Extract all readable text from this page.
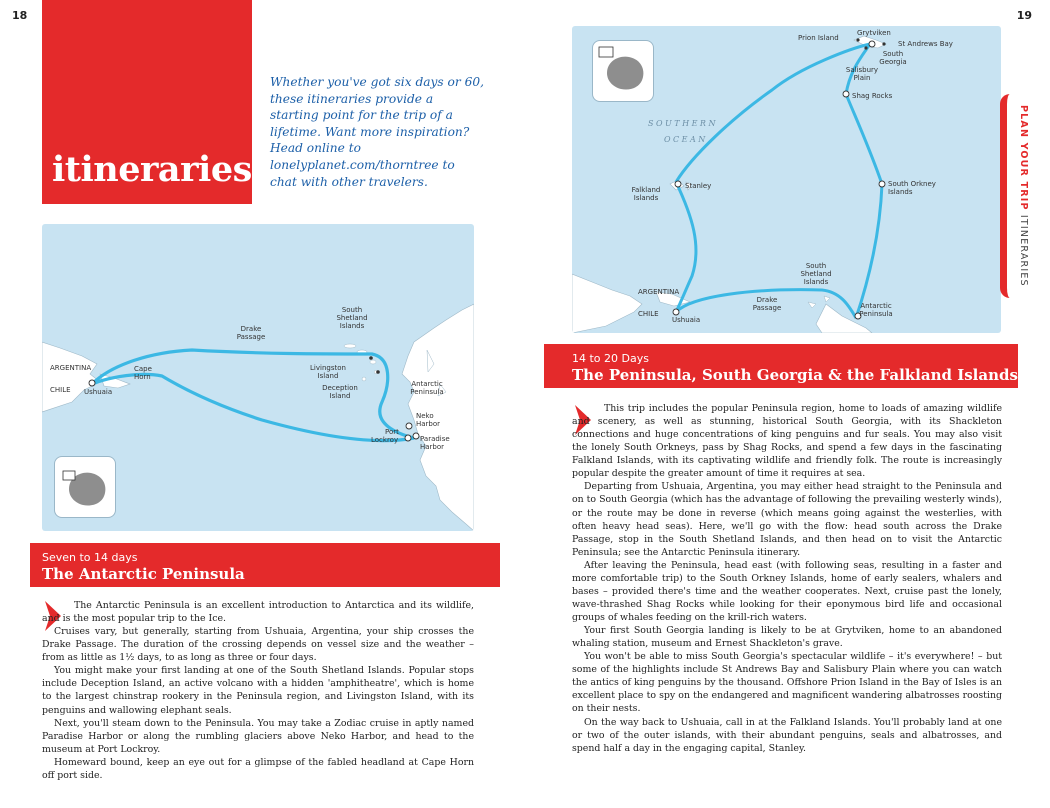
18	19
itineraries
Whether you've got six days or 60, these itineraries provide a starting point for the trip of a lifetime. Want more inspiration? Head online to lonelyplanet.com/thorntree to chat with other travelers.
ARGENTINA
CHILE Ushuaia
Cape
Horn
Drake
Passage
South
Shetland
Islands
Livingston
Island
Deception
Island
Antarctic
Peninsula
Neko
Harbor
Port
Lockroy	Paradise
Harbor
Prion Island
Grytviken
St Andrews Bay
South
Georgia
Salisbury
Plain
Shag Rocks
SOUTHERN
OCEAN
Falkland
Islands
Stanley	South Orkney
Islands
South
Shetland
Islands
ARGENTINA
CHILE
Ushuaia
Drake
Passage	Antarctic
Peninsula
PLAN YOUR TRIP ITINERARIES
Seven to 14 days
The Antarctic Peninsula

The Antarctic Peninsula is an excellent introduction to Antarctica and its wildlife, and is the most popular trip to the Ice.

Cruises vary, but generally, starting from Ushuaia, Argentina, your ship crosses the Drake Passage. The duration of the crossing depends on vessel size and the weather – from as little as 1½ days, to as long as three or four days.

You might make your first landing at one of the South Shetland Islands. Popular stops include Deception Island, an active volcano with a hidden 'amphitheatre', which is home to the largest chinstrap rookery in the Peninsula region, and Livingston Island, with its penguins and wallowing elephant seals.

Next, you'll steam down to the Peninsula. You may take a Zodiac cruise in aptly named Paradise Harbor or along the rumbling glaciers above Neko Harbor, and head to the museum at Port Lockroy.

Homeward bound, keep an eye out for a glimpse of the fabled headland at Cape Horn off port side.

14 to 20 Days
The Peninsula, South Georgia & the Falkland Islands

This trip includes the popular Peninsula region, home to loads of amazing wildlife and scenery, as well as stunning, historical South Georgia, with its Shackleton connections and huge concentrations of king penguins and fur seals. You may also visit the lonely South Orkneys, pass by Shag Rocks, and spend a few days in the fascinating Falkland Islands, with its captivating wildlife and friendly folk. The route is increasingly popular despite the greater amount of time it requires at sea.

Departing from Ushuaia, Argentina, you may either head straight to the Peninsula and on to South Georgia (which has the advantage of following the prevailing westerly winds), or the route may be done in reverse (which means going against the westerlies, with often heavy head seas). Here, we'll go with the flow: head south across the Drake Passage, stop in the South Shetland Islands, and then head on to visit the Antarctic Peninsula; see the Antarctic Peninsula itinerary.

After leaving the Peninsula, head east (with following seas, resulting in a faster and more comfortable trip) to the South Orkney Islands, home of early sealers, whalers and bases – provided there's time and the weather cooperates. Next, cruise past the lonely, wave-thrashed Shag Rocks while looking for their eponymous bird life and occasional groups of whales feeding on the krill-rich waters.

Your first South Georgia landing is likely to be at Grytviken, home to an abandoned whaling station, museum and Ernest Shackleton's grave.

You won't be able to miss South Georgia's spectacular wildlife – it's everywhere! – but some of the highlights include St Andrews Bay and Salisbury Plain where you can watch the antics of king penguins by the thousand. Offshore Prion Island in the Bay of Isles is an excellent place to spy on the endangered and magnificent wandering albatrosses roosting on their nests.

On the way back to Ushuaia, call in at the Falkland Islands. You'll probably land at one or two of the outer islands, with their abundant penguins, seals and albatrosses, and spend half a day in the engaging capital, Stanley.
